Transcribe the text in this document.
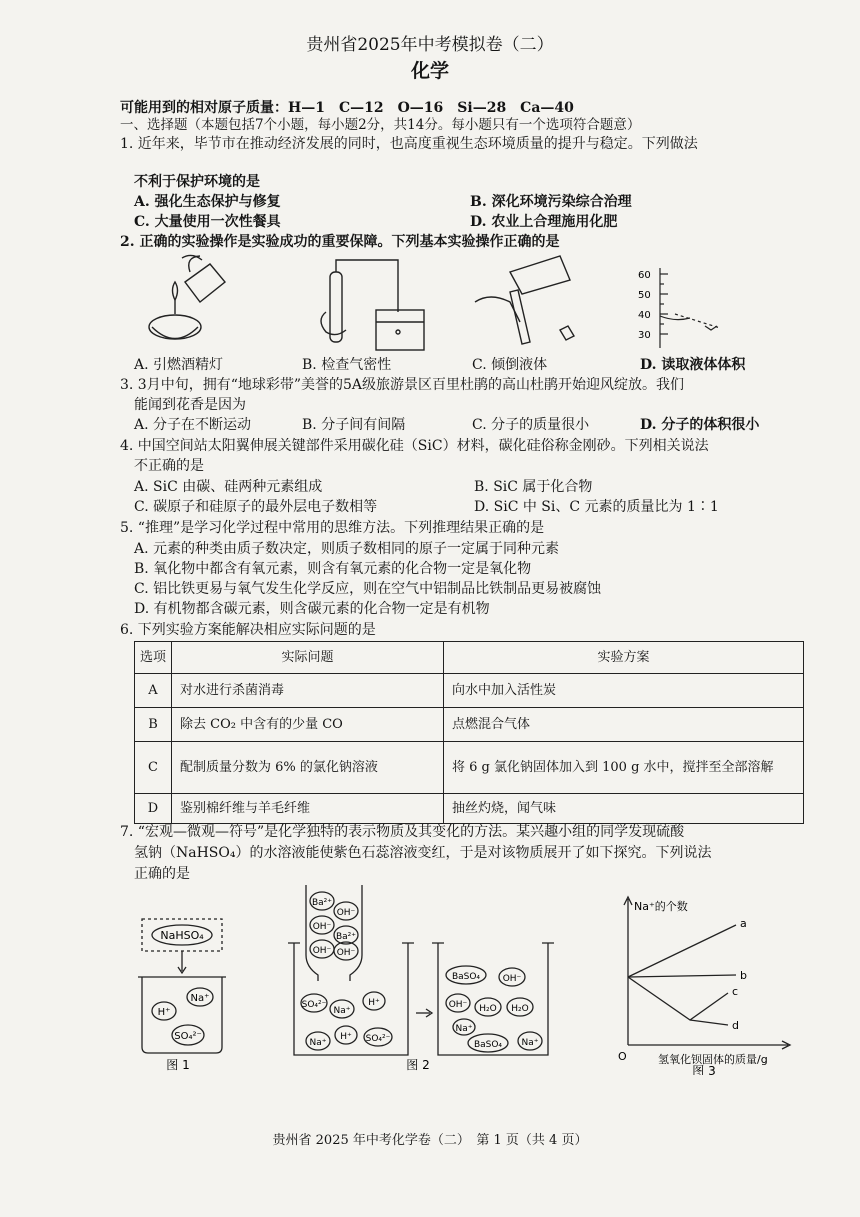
贵州省2025年中考模拟卷（二）
化学
可能用到的相对原子质量：H—1　C—12　O—16　Si—28　Ca—40
一、选择题（本题包括7个小题，每小题2分，共14分。每小题只有一个选项符合题意）
1. 近年来，毕节市在推动经济发展的同时，也高度重视生态环境质量的提升与稳定。下列做法
不利于保护环境的是
A. 强化生态保护与修复	B. 深化环境污染综合治理
C. 大量使用一次性餐具	D. 农业上合理施用化肥
2. 正确的实验操作是实验成功的重要保障。下列基本实验操作正确的是
60
50
40
30
A. 引燃酒精灯	B. 检查气密性	C. 倾倒液体	D. 读取液体体积
3. 3月中旬，拥有“地球彩带”美誉的5A级旅游景区百里杜鹃的高山杜鹃开始迎风绽放。我们
能闻到花香是因为
A. 分子在不断运动	B. 分子间有间隔	C. 分子的质量很小	D. 分子的体积很小
4. 中国空间站太阳翼伸展关键部件采用碳化硅（SiC）材料，碳化硅俗称金刚砂。下列相关说法
不正确的是
A. SiC 由碳、硅两种元素组成	B. SiC 属于化合物
C. 碳原子和硅原子的最外层电子数相等	D. SiC 中 Si、C 元素的质量比为 1∶1
5. “推理”是学习化学过程中常用的思维方法。下列推理结果正确的是
A. 元素的种类由质子数决定，则质子数相同的原子一定属于同种元素
B. 氧化物中都含有氧元素，则含有氧元素的化合物一定是氧化物
C. 铝比铁更易与氧气发生化学反应，则在空气中铝制品比铁制品更易被腐蚀
D. 有机物都含碳元素，则含碳元素的化合物一定是有机物
6. 下列实验方案能解决相应实际问题的是
选项	实际问题	实验方案
A	对水进行杀菌消毒	向水中加入活性炭
B	除去 CO₂ 中含有的少量 CO	点燃混合气体
C	配制质量分数为 6% 的氯化钠溶液	将 6 g 氯化钠固体加入到 100 g 水中，搅拌至全部溶解
D	鉴别棉纤维与羊毛纤维	抽丝灼烧，闻气味
7. “宏观—微观—符号”是化学独特的表示物质及其变化的方法。某兴趣小组的同学发现硫酸
氢钠（NaHSO₄）的水溶液能使紫色石蕊溶液变红，于是对该物质展开了如下探究。下列说法
正确的是
NaHSO₄
H⁺
Na⁺
SO₄²⁻
图 1
Ba²⁺
OH⁻
OH⁻
Ba²⁺
OH⁻ OH⁻
SO₄²⁻
Na⁺
H⁺
H⁺
Na⁺	SO₄²⁻
BaSO₄	OH⁻
OH⁻ H₂O H₂O
Na⁺
BaSO₄ Na⁺
图 2
Na⁺的个数
氢氧化钡固体的质量/g
O
a
b
c
d
图 3
贵州省 2025 年中考化学卷（二）　第 1 页（共 4 页）
